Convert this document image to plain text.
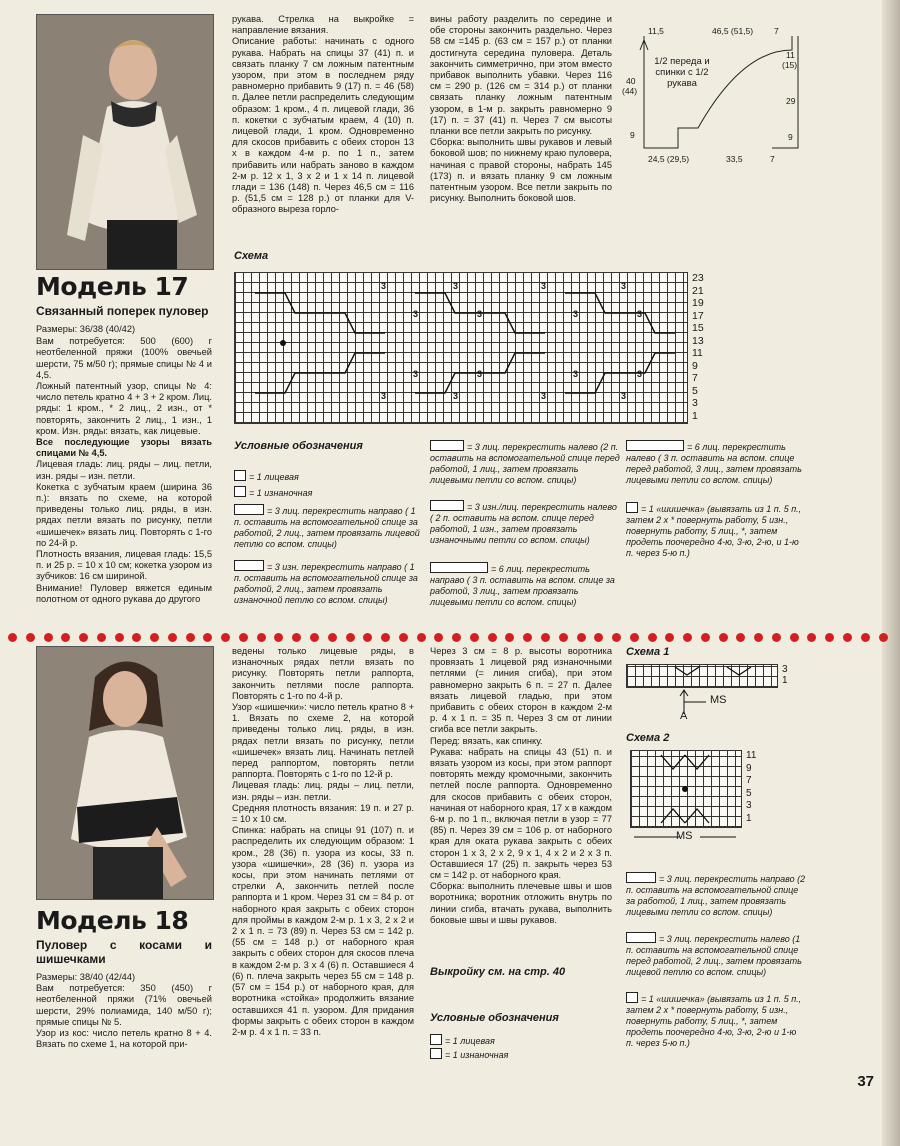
Модель 17
Связанный поперек пуловер
Размеры: 36/38 (40/42)
Вам потребуется: 500 (600) г неотбеленной пряжи (100% овечьей шерсти, 75 м/50 г); прямые спицы № 4 и 4,5.
Ложный патентный узор, спицы № 4: число петель кратно 4 + 3 + 2 кром. Лиц. ряды: 1 кром., * 2 лиц., 2 изн., от * повторять, закончить 2 лиц., 1 изн., 1 кром. Изн. ряды: вязать, как лицевые.
Все последующие узоры вязать спицами № 4,5.
Лицевая гладь: лиц. ряды – лиц. петли, изн. ряды – изн. петли.
Кокетка с зубчатым краем (ширина 36 п.): вязать по схеме, на которой приведены только лиц. ряды, в изн. рядах петли вязать по рисунку, петли «шишечек» вязать лиц. Повторять с 1-го по 24-й р.
Плотность вязания, лицевая гладь: 15,5 п. и 25 р. = 10 х 10 см; кокетка узором из зубчиков: 16 см шириной.
Внимание! Пуловер вяжется единым полотном от одного рукава до другого
рукава. Стрелка на выкройке = направление вязания.
Описание работы: начинать с одного рукава. Набрать на спицы 37 (41) п. и связать планку 7 см ложным патентным узором, при этом в последнем ряду равномерно прибавить 9 (17) п. = 46 (58) п. Далее петли распределить следующим образом: 1 кром., 4 п. лицевой глади, 36 п. кокетки с зубчатым краем, 4 (10) п. лицевой глади, 1 кром. Одновременно для скосов прибавить с обеих сторон 13 х в каждом 4-м р. по 1 п., затем прибавить или набрать заново в каждом 2-м р. 12 х 1, 3 х 2 и 1 х 14 п. лицевой глади = 136 (148) п. Через 46,5 см = 116 р. (51,5 см = 128 р.) от планки для V-образного выреза горло-
вины работу разделить по середине и обе стороны закончить раздельно. Через 58 см =145 р. (63 см = 157 р.) от планки достигнута середина пуловера. Деталь закончить симметрично, при этом вместо прибавок выполнить убавки. Через 116 см = 290 р. (126 см = 314 р.) от планки связать планку ложным патентным узором, в 1-м р. закрыть равномерно 9 (17) п. = 37 (41) п. Через 7 см высоты планки все петли закрыть по рисунку.
Сборка: выполнить швы рукавов и левый боковой шов; по нижнему краю пуловера, начиная с правой стороны, набрать 145 (173) п. и вязать планку 9 см ложным патентным узором. Все петли закрыть по рисунку. Выполнить боковой шов.
11,5	46,5 (51,5) 7
1/2 переда и спинки с 1/2 рукава
40
(44)
9
11
(15)
29
9
24,5 (29,5)	33,5	7
Схема
3	3	3	3
3	3	3	3
3	3	3	3
3	3	3	3
23
21
19
17
15
13
11
9
7
5
3
1
Условные обозначения
= 1 лицевая
= 1 изнаночная
= 3 лиц. перекрестить направо ( 1 п. оставить на вспомогательной спице за работой, 2 лиц., затем провязать лицевой петлю со вспом. спицы)
= 3 изн. перекрестить направо ( 1 п. оставить на вспомогательной спице за работой, 2 лиц., затем провязать изнаночной петлю со вспом. спицы)
= 3 лиц. перекрестить налево (2 п. оставить на вспомогательной спице перед работой, 1 лиц., затем провязать лицевыми петли со вспом. спицы)
= 3 изн./лиц. перекрестить налево ( 2 п. оставить на вспом. спице перед работой, 1 изн., затем провязать изнаночными петли со вспом. спицы)
= 6 лиц. перекрестить направо ( 3 п. оставить на вспом. спице за работой, 3 лиц., затем провязать лицевыми петли со вспом. спицы)
= 6 лиц. перекрестить налево ( 3 п. оставить на вспом. спице перед работой, 3 лиц., затем провязать лицевыми петли со вспом. спицы)
= 1 «шишечка» (вывязать из 1 п. 5 п., затем 2 х * повернуть работу, 5 изн., повернуть работу, 5 лиц., *, затем продеть поочередно 4-ю, 3-ю, 2-ю, и 1-ю п. через 5-ю п.)
Модель 18
Пуловер с косами и шишечками
Размеры: 38/40 (42/44)
Вам потребуется: 350 (450) г неотбеленной пряжи (71% овечьей шерсти, 29% полиамида, 140 м/50 г); прямые спицы № 5.
Узор из кос: число петель кратно 8 + 4. Вязать по схеме 1, на которой при-
ведены только лицевые ряды, в изнаночных рядах петли вязать по рисунку. Повторять петли раппорта, закончить петлями после раппорта. Повторять с 1-го по 4-й р.
Узор «шишечки»: число петель кратно 8 + 1. Вязать по схеме 2, на которой приведены только лиц. ряды, в изн. рядах петли вязать по рисунку, петли «шишечек» вязать лиц. Начинать петлей перед раппортом, повторять петли раппорта. Повторять с 1-го по 12-й р.
Лицевая гладь: лиц. ряды – лиц. петли, изн. ряды – изн. петли.
Средняя плотность вязания: 19 п. и 27 р. = 10 х 10 см.
Спинка: набрать на спицы 91 (107) п. и распределить их следующим образом: 1 кром., 28 (36) п. узора из косы, 33 п. узора «шишечки», 28 (36) п. узора из косы, при этом начинать петлями от стрелки А, закончить петлей после раппорта и 1 кром. Через 31 см = 84 р. от наборного края закрыть с обеих сторон для проймы в каждом 2-м р. 1 х 3, 2 х 2 и 2 х 1 п. = 73 (89) п. Через 53 см = 142 р. (55 см = 148 р.) от наборного края закрыть с обеих сторон для скосов плеча в каждом 2-м р. 3 х 4 (6) п. Оставшиеся 4 (6) п. плеча закрыть через 55 см = 148 р. (57 см = 154 р.) от наборного края, для воротника «стойка» продолжить вязание оставшихся 41 п. узором. Для придания формы закрыть с обеих сторон в каждом 2-м р. 4 х 1 п. = 33 п.
Через 3 см = 8 р. высоты воротника провязать 1 лицевой ряд изнаночными петлями (= линия сгиба), при этом равномерно закрыть 6 п. = 27 п. Далее вязать лицевой гладью, при этом прибавить с обеих сторон в каждом 2-м р. 4 х 1 п. = 35 п. Через 3 см от линии сгиба все петли закрыть.
Перед: вязать, как спинку.
Рукава: набрать на спицы 43 (51) п. и вязать узором из косы, при этом раппорт повторять между кромочными, закончить петлей после раппорта. Одновременно для скосов прибавить с обеих сторон, начиная от наборного края, 17 х в каждом 6-м р. по 1 п., включая петли в узор = 77 (85) п. Через 39 см = 106 р. от наборного края для оката рукава закрыть с обеих сторон 1 х 3, 2 х 2, 9 х 1, 4 х 2 и 2 х 3 п. Оставшиеся 17 (25) п. закрыть через 53 см = 142 р. от наборного края.
Сборка: выполнить плечевые швы и шов воротника; воротник отложить внутрь по линии сгиба, втачать рукава, выполнить боковые швы и швы рукавов.
Выкройку см. на стр. 40
Условные обозначения
= 1 лицевая
= 1 изнаночная
Схема 1
3
1
MS
A
Схема 2
11
9
7
5
3
1
MS
= 3 лиц. перекрестить направо (2 п. оставить на вспомогательной спице за работой, 1 лиц., затем провязать лицевыми петли со вспом. спицы)
= 3 лиц. перекрестить налево (1 п. оставить на вспомогательной спице перед работой, 2 лиц., затем провязать лицевой петлю со вспом. спицы)
= 1 «шишечка» (вывязать из 1 п. 5 п., затем 2 х * повернуть работу, 5 изн., повернуть работу, 5 лиц., *, затем продеть поочередно 4-ю, 3-ю, 2-ю и 1-ю п. через 5-ю п.)
37
